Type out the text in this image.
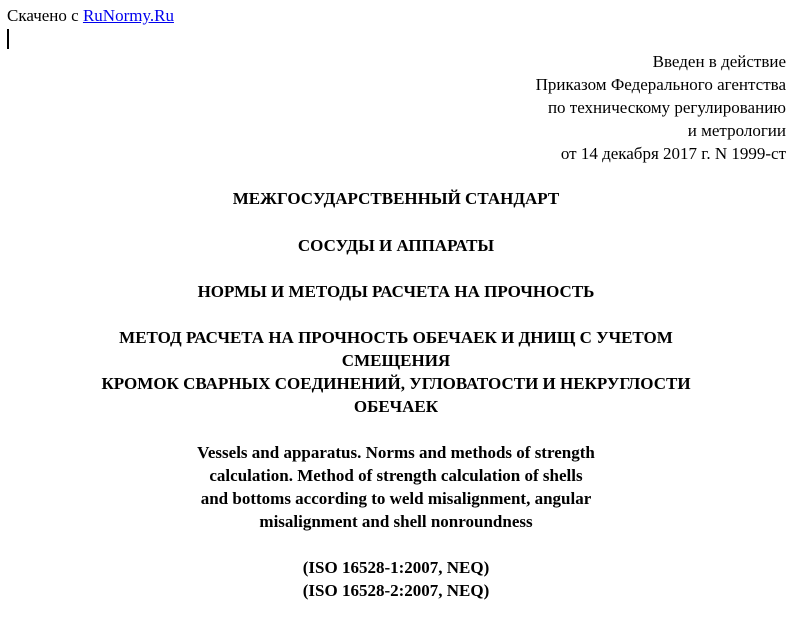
Скачено с RuNormy.Ru
Введен в действие
Приказом Федерального агентства
по техническому регулированию
и метрологии
от 14 декабря 2017 г. N 1999-ст
МЕЖГОСУДАРСТВЕННЫЙ СТАНДАРТ
СОСУДЫ И АППАРАТЫ
НОРМЫ И МЕТОДЫ РАСЧЕТА НА ПРОЧНОСТЬ
МЕТОД РАСЧЕТА НА ПРОЧНОСТЬ ОБЕЧАЕК И ДНИЩ С УЧЕТОМ
СМЕЩЕНИЯ
КРОМОК СВАРНЫХ СОЕДИНЕНИЙ, УГЛОВАТОСТИ И НЕКРУГЛОСТИ
ОБЕЧАЕК
Vessels and apparatus. Norms and methods of strength
calculation. Method of strength calculation of shells
and bottoms according to weld misalignment, angular
misalignment and shell nonroundness
(ISO 16528-1:2007, NEQ)
(ISO 16528-2:2007, NEQ)
